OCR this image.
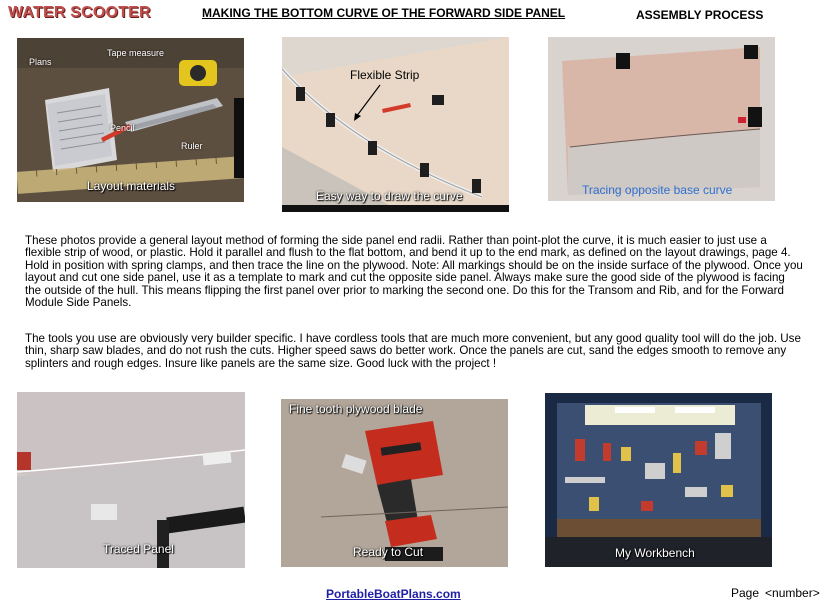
WATER SCOOTER	MAKING THE BOTTOM CURVE OF THE FORWARD SIDE PANEL	ASSEMBLY PROCESS
Plans
Tape measure
Pencil
Ruler
Layout materials
Flexible Strip
Easy way to draw the curve	Tracing opposite base curve
These photos provide a general layout method of forming the side panel end radii. Rather than point-plot the curve, it is much easier to just use a flexible strip of wood, or plastic. Hold it parallel and flush to the flat bottom, and bend it up to the end mark, as defined on the layout drawings, page 4. Hold in position with spring clamps, and then trace the line on the plywood. Note: All markings should be on the inside surface of the plywood. Once you layout and cut one side panel, use it as a template to mark and cut the opposite side panel. Always make sure the good side of the plywood is facing the outside of the hull. This means flipping the first panel over prior to marking the second one. Do this for the Transom and Rib, and for the Forward Module Side Panels.
The tools you use are obviously very builder specific. I have cordless tools that are much more convenient, but any good quality tool will do the job. Use thin, sharp saw blades, and do not rush the cuts. Higher speed saws do better work. Once the panels are cut, sand the edges smooth to remove any splinters and rough edges. Insure like panels are the same size. Good luck with the project !
Traced Panel
Fine tooth plywood blade
Ready to Cut	My Workbench
PortableBoatPlans.com	Page <number>
